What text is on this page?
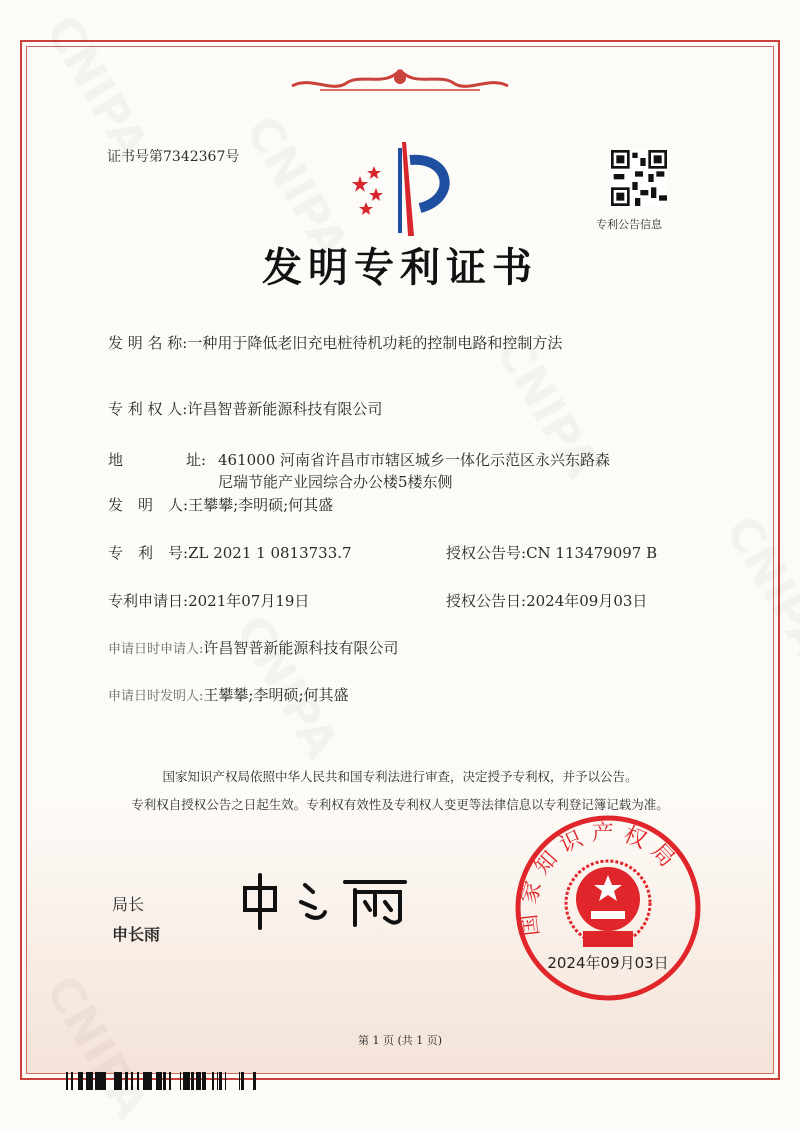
证书号第7342367号
专利公告信息
发明专利证书
发 明 名 称:一种用于降低老旧充电桩待机功耗的控制电路和控制方法
专 利 权 人:许昌智普新能源科技有限公司
地	址: 461000 河南省许昌市市辖区城乡一体化示范区永兴东路森
尼瑞节能产业园综合办公楼5楼东侧
发　明　人:王攀攀;李明硕;何其盛
专　利　号:ZL 2021 1 0813733.7	授权公告号:CN 113479097 B
专利申请日:2021年07月19日	授权公告日:2024年09月03日
申请日时申请人:许昌智普新能源科技有限公司
申请日时发明人:王攀攀;李明硕;何其盛
国家知识产权局依照中华人民共和国专利法进行审查，决定授予专利权，并予以公告。
专利权自授权公告之日起生效。专利权有效性及专利权人变更等法律信息以专利登记簿记载为准。
局长
申长雨	国家知识产权局
2024年09月03日
第 1 页 (共 1 页)
